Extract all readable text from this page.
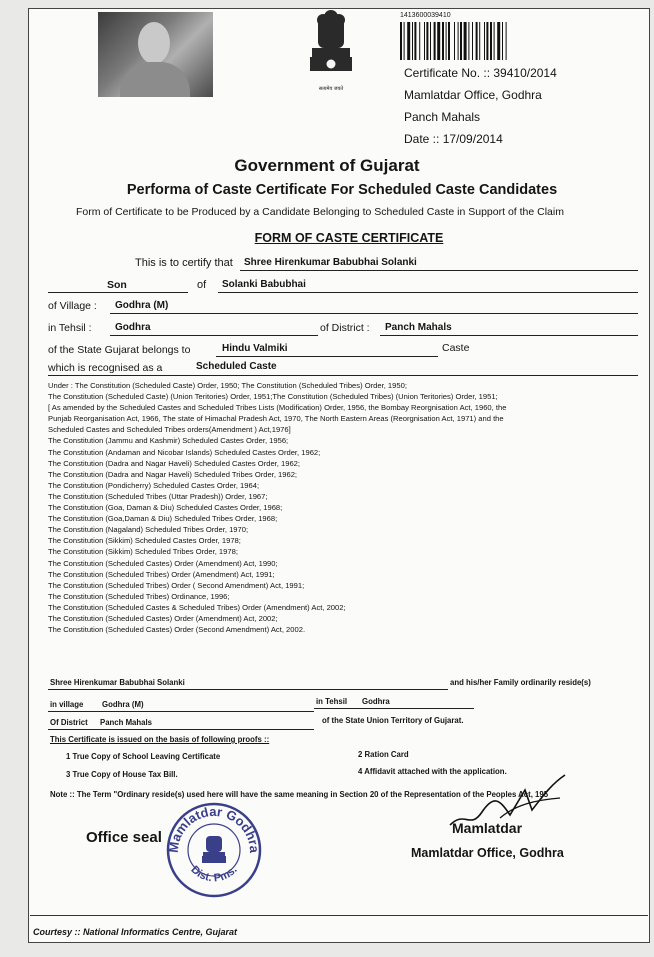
सत्यमेव जयते
1413600039410
Certificate No. :: 39410/2014
Mamlatdar Office, Godhra
Panch Mahals
Date :: 17/09/2014
Government of Gujarat
Performa of Caste Certificate For Scheduled Caste Candidates
Form of Certificate to be Produced by a Candidate Belonging to Scheduled Caste in Support of the Claim
FORM OF CASTE CERTIFICATE
This is to certify that Shree Hirenkumar Babubhai Solanki
Son	of Solanki Babubhai
of Village : Godhra (M)
in Tehsil : Godhra	of District : Panch Mahals
of the State Gujarat belongs to	Hindu Valmiki	Caste
which is recognised as a	Scheduled Caste
Under : The Constitution (Scheduled Caste) Order, 1950; The Constitution (Scheduled Tribes) Order, 1950;
The Constitution (Scheduled Caste) (Union Teritories) Order, 1951;The Constitution (Scheduled Tribes) (Union Teritories) Order, 1951;
[ As amended by the Scheduled Castes and Scheduled Tribes Lists (Modification) Order, 1956, the Bombay Reorgnisation Act, 1960, the
Punjab Reorganisation Act, 1966, The state of Himachal Pradesh Act, 1970, The North Eastern Areas (Reorgnisation Act, 1971) and the
Scheduled Castes and Scheduled Tribes orders(Amendment ) Act,1976]
The Constitution (Jammu and Kashmir) Scheduled Castes Order, 1956;
The Constitution (Andaman and Nicobar Islands) Scheduled Castes Order, 1962;
The Constitution (Dadra and Nagar Haveli) Scheduled Castes Order, 1962;
The Constitution (Dadra and Nagar Haveli) Scheduled Tribes Order, 1962;
The Constitution (Pondicherry) Scheduled Castes Order, 1964;
The Constitution (Scheduled Tribes (Uttar Pradesh)) Order, 1967;
The Constitution (Goa, Daman & Diu) Scheduled Castes Order, 1968;
The Constitution (Goa,Daman & Diu) Scheduled Tribes Order, 1968;
The Constitution (Nagaland) Scheduled Tribes Order, 1970;
The Constitution (Sikkim) Scheduled Castes Order, 1978;
The Constitution (Sikkim) Scheduled Tribes Order, 1978;
The Constitution (Scheduled Castes) Order (Amendment) Act, 1990;
The Constitution (Scheduled Tribes) Order (Amendment) Act, 1991;
The Constitution (Scheduled Tribes) Order ( Second Amendment) Act, 1991;
The Constitution (Scheduled Tribes) Ordinance, 1996;
The Constitution (Scheduled Castes & Scheduled Tribes) Order (Amendment) Act, 2002;
The Constitution (Scheduled Castes) Order (Amendment) Act, 2002;
The Constitution (Scheduled Castes) Order (Second Amendment) Act, 2002.
Shree Hirenkumar Babubhai Solanki	and his/her Family ordinarily reside(s)
in village Godhra (M)	in Tehsil Godhra
Of District Panch Mahals	of the State Union Territory of Gujarat.
This Certificate is issued on the basis of following proofs ::
1 True Copy of School Leaving Certificate	2 Ration Card
3 True Copy of House Tax Bill.	4 Affidavit attached with the application.
Note :: The Term "Ordinary reside(s) used here will have the same meaning in Section 20 of the Representation of the Peoples Act, 195
Office seal
Mamlatdar Godhra
Dist. Pms.
Mamlatdar
Mamlatdar Office, Godhra
Courtesy :: National Informatics Centre, Gujarat
